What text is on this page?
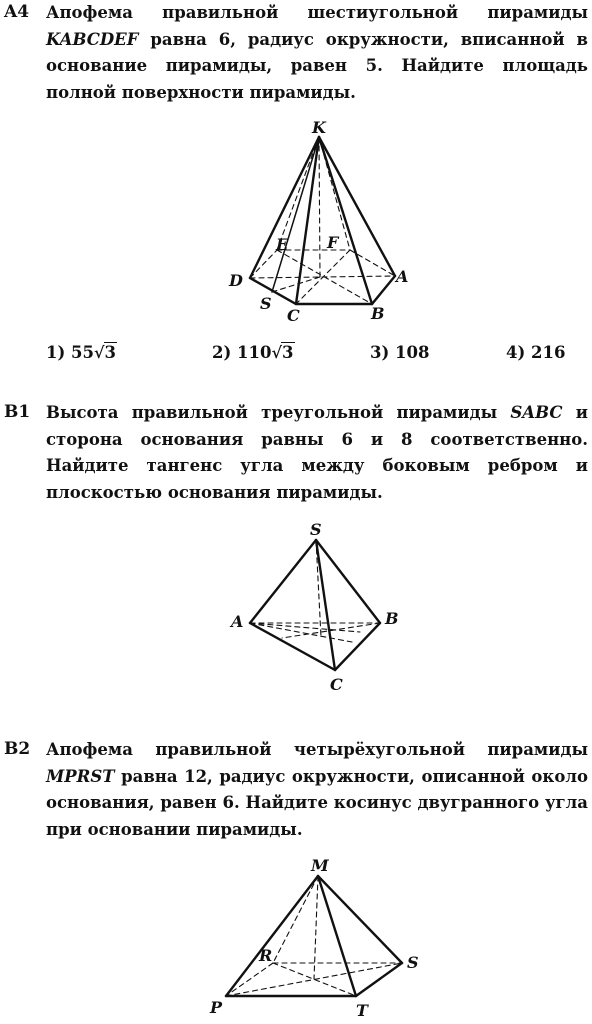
A4 Апофема правильной шестиугольной пирамиды KABCDEF равна 6, радиус окружности, вписанной в основание пирамиды, равен 5. Найдите площадь полной поверхности пирамиды.
K
E F
D	A
S
C	B
1) 55√3	2) 110√3	3) 108	4) 216
B1 Высота правильной треугольной пирамиды SABC и сторона основания равны 6 и 8 соответственно. Найдите тангенс угла между боковым ребром и плоскостью основания пирамиды.
S
A	B
C
B2 Апофема правильной четырёхугольной пирамиды MPRST равна 12, радиус окружности, описанной около основания, равен 6. Найдите косинус двугранного угла при основании пирамиды.
M
R	S
P	T
